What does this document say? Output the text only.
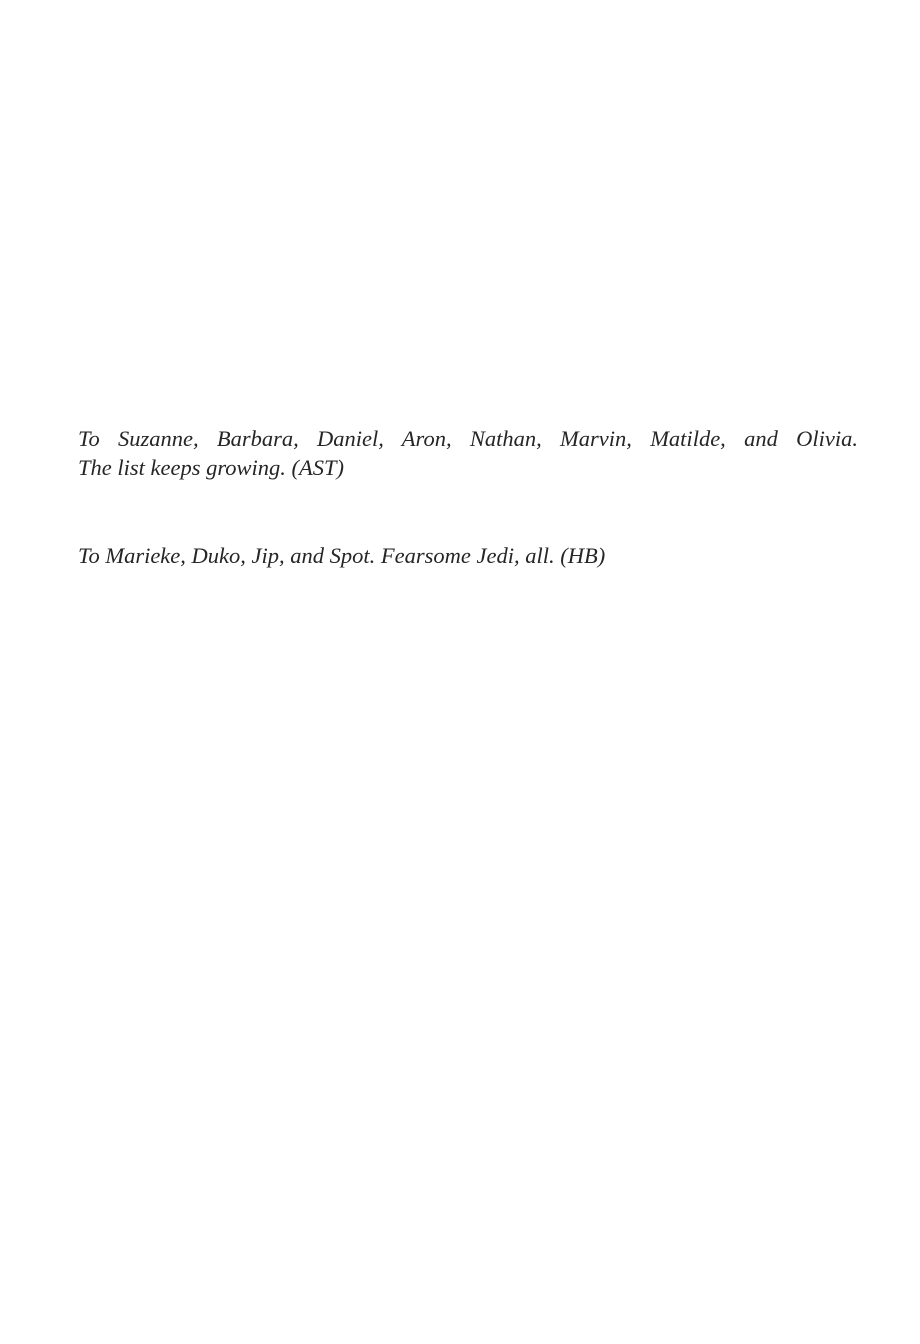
To Suzanne, Barbara, Daniel, Aron, Nathan, Marvin, Matilde, and Olivia.
The list keeps growing. (AST)

To Marieke, Duko, Jip, and Spot. Fearsome Jedi, all. (HB)
